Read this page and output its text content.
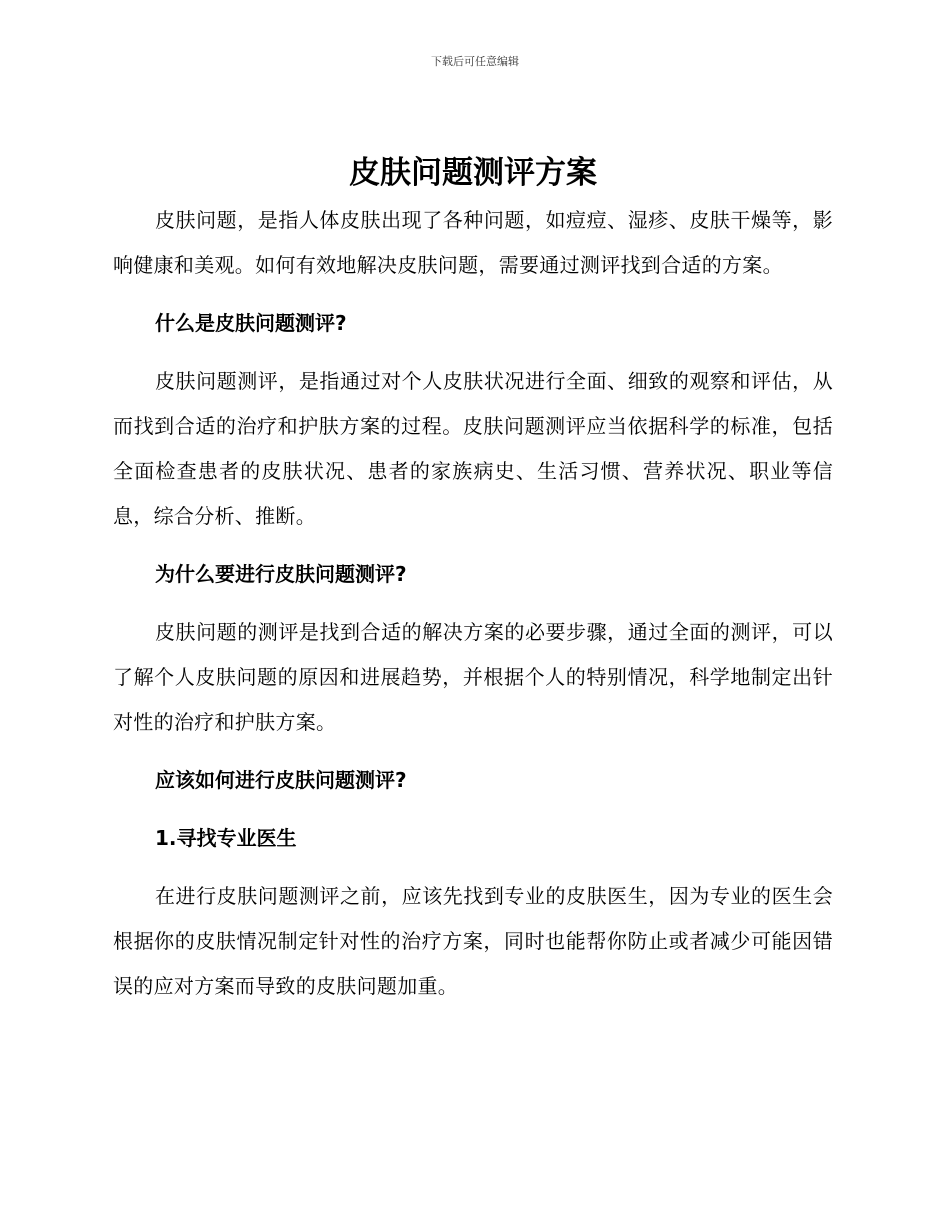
下载后可任意编辑
皮肤问题测评方案

皮肤问题，是指人体皮肤出现了各种问题，如痘痘、湿疹、皮肤干燥等，影响健康和美观。如何有效地解决皮肤问题，需要通过测评找到合适的方案。

什么是皮肤问题测评?

皮肤问题测评，是指通过对个人皮肤状况进行全面、细致的观察和评估，从而找到合适的治疗和护肤方案的过程。皮肤问题测评应当依据科学的标准，包括全面检查患者的皮肤状况、患者的家族病史、生活习惯、营养状况、职业等信息，综合分析、推断。

为什么要进行皮肤问题测评?

皮肤问题的测评是找到合适的解决方案的必要步骤，通过全面的测评，可以了解个人皮肤问题的原因和进展趋势，并根据个人的特别情况，科学地制定出针对性的治疗和护肤方案。

应该如何进行皮肤问题测评?

1.寻找专业医生

在进行皮肤问题测评之前，应该先找到专业的皮肤医生，因为专业的医生会根据你的皮肤情况制定针对性的治疗方案，同时也能帮你防止或者减少可能因错误的应对方案而导致的皮肤问题加重。
